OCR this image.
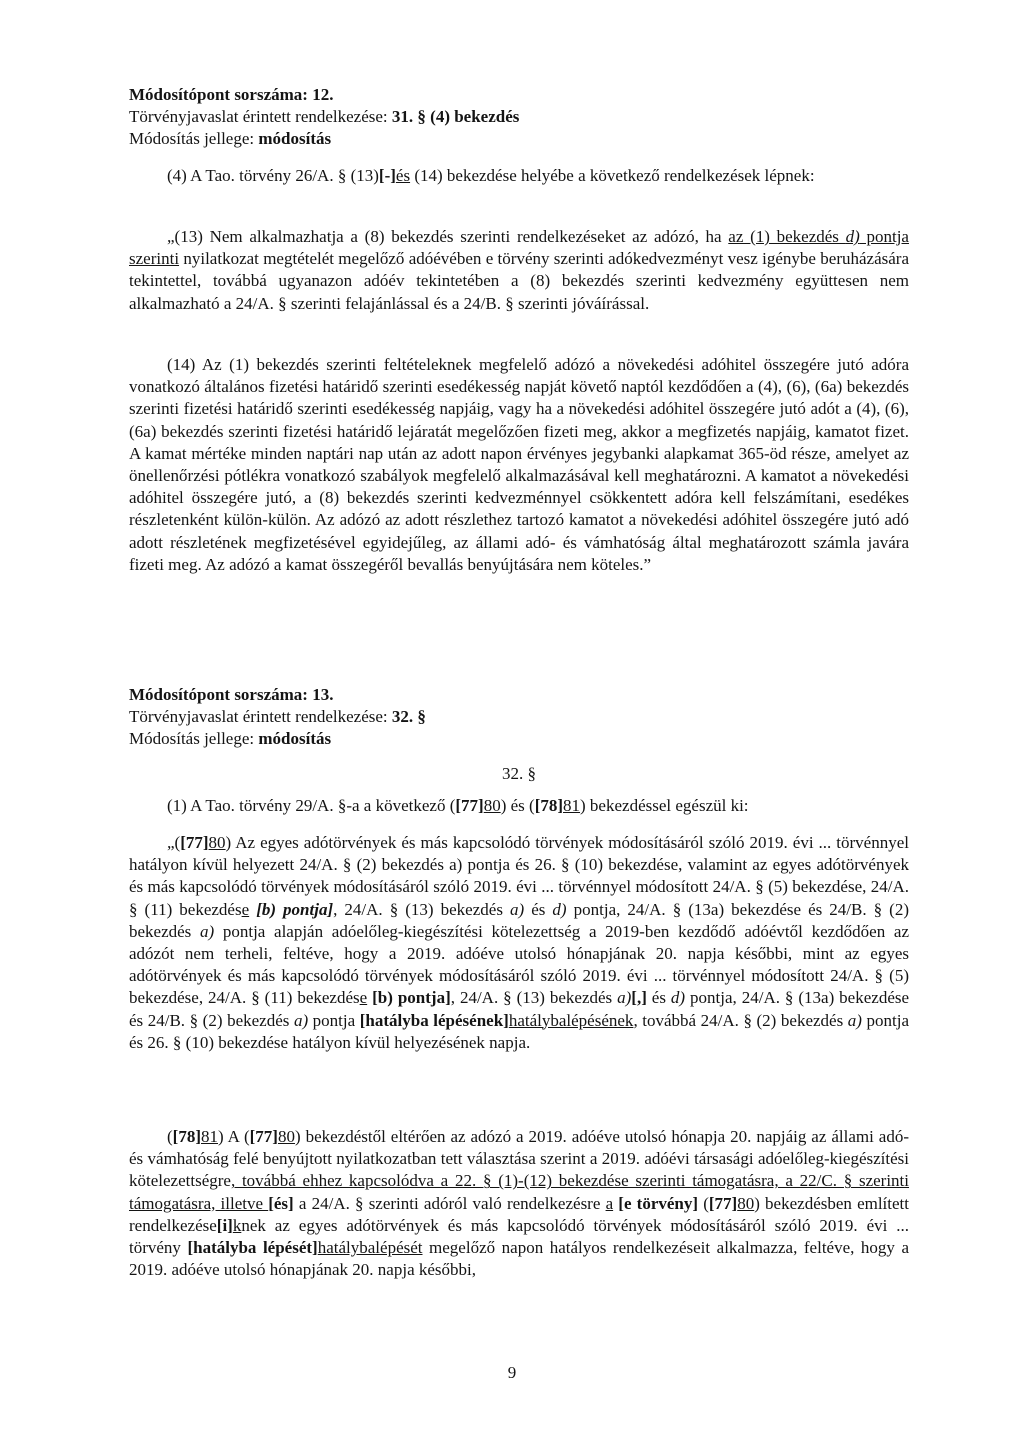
Módosítópont sorszáma: 12.
Törvényjavaslat érintett rendelkezése: 31. § (4) bekezdés
Módosítás jellege: módosítás

(4) A Tao. törvény 26/A. § (13)[-]és (14) bekezdése helyébe a következő rendelkezések lépnek:

„(13) Nem alkalmazhatja a (8) bekezdés szerinti rendelkezéseket az adózó, ha az (1) bekezdés d) pontja szerinti nyilatkozat megtételét megelőző adóévében e törvény szerinti adókedvezményt vesz igénybe beruházására tekintettel, továbbá ugyanazon adóév tekintetében a (8) bekezdés szerinti kedvezmény együttesen nem alkalmazható a 24/A. § szerinti felajánlással és a 24/B. § szerinti jóváírással.

(14) Az (1) bekezdés szerinti feltételeknek megfelelő adózó a növekedési adóhitel összegére jutó adóra vonatkozó általános fizetési határidő szerinti esedékesség napját követő naptól kezdődően a (4), (6), (6a) bekezdés szerinti fizetési határidő szerinti esedékesség napjáig, vagy ha a növekedési adóhitel összegére jutó adót a (4), (6), (6a) bekezdés szerinti fizetési határidő lejáratát megelőzően fizeti meg, akkor a megfizetés napjáig, kamatot fizet. A kamat mértéke minden naptári nap után az adott napon érvényes jegybanki alapkamat 365-öd része, amelyet az önellenőrzési pótlékra vonatkozó szabályok megfelelő alkalmazásával kell meghatározni. A kamatot a növekedési adóhitel összegére jutó, a (8) bekezdés szerinti kedvezménnyel csökkentett adóra kell felszámítani, esedékes részletenként külön-külön. Az adózó az adott részlethez tartozó kamatot a növekedési adóhitel összegére jutó adó adott részletének megfizetésével egyidejűleg, az állami adó- és vámhatóság által meghatározott számla javára fizeti meg. Az adózó a kamat összegéről bevallás benyújtására nem köteles.”

Módosítópont sorszáma: 13.
Törvényjavaslat érintett rendelkezése: 32. §
Módosítás jellege: módosítás
32. §

(1) A Tao. törvény 29/A. §-a a következő ([77]80) és ([78]81) bekezdéssel egészül ki:

„([77]80) Az egyes adótörvények és más kapcsolódó törvények módosításáról szóló 2019. évi ... törvénnyel hatályon kívül helyezett 24/A. § (2) bekezdés a) pontja és 26. § (10) bekezdése, valamint az egyes adótörvények és más kapcsolódó törvények módosításáról szóló 2019. évi ... törvénnyel módosított 24/A. § (5) bekezdése, 24/A. § (11) bekezdése [b) pontja], 24/A. § (13) bekezdés a) és d) pontja, 24/A. § (13a) bekezdése és 24/B. § (2) bekezdés a) pontja alapján adóelőleg-kiegészítési kötelezettség a 2019-ben kezdődő adóévtől kezdődően az adózót nem terheli, feltéve, hogy a 2019. adóéve utolsó hónapjának 20. napja későbbi, mint az egyes adótörvények és más kapcsolódó törvények módosításáról szóló 2019. évi ... törvénnyel módosított 24/A. § (5) bekezdése, 24/A. § (11) bekezdése [b) pontja], 24/A. § (13) bekezdés a)[,] és d) pontja, 24/A. § (13a) bekezdése és 24/B. § (2) bekezdés a) pontja [hatályba lépésének]hatálybalépésének, továbbá 24/A. § (2) bekezdés a) pontja és 26. § (10) bekezdése hatályon kívül helyezésének napja.

([78]81) A ([77]80) bekezdéstől eltérően az adózó a 2019. adóéve utolsó hónapja 20. napjáig az állami adó- és vámhatóság felé benyújtott nyilatkozatban tett választása szerint a 2019. adóévi társasági adóelőleg-kiegészítési kötelezettségre, továbbá ehhez kapcsolódva a 22. § (1)-(12) bekezdése szerinti támogatásra, a 22/C. § szerinti támogatásra, illetve [és] a 24/A. § szerinti adóról való rendelkezésre a [e törvény] ([77]80) bekezdésben említett rendelkezése[i]knek az egyes adótörvények és más kapcsolódó törvények módosításáról szóló 2019. évi ... törvény [hatályba lépését]hatálybalépését megelőző napon hatályos rendelkezéseit alkalmazza, feltéve, hogy a 2019. adóéve utolsó hónapjának 20. napja későbbi,

9
